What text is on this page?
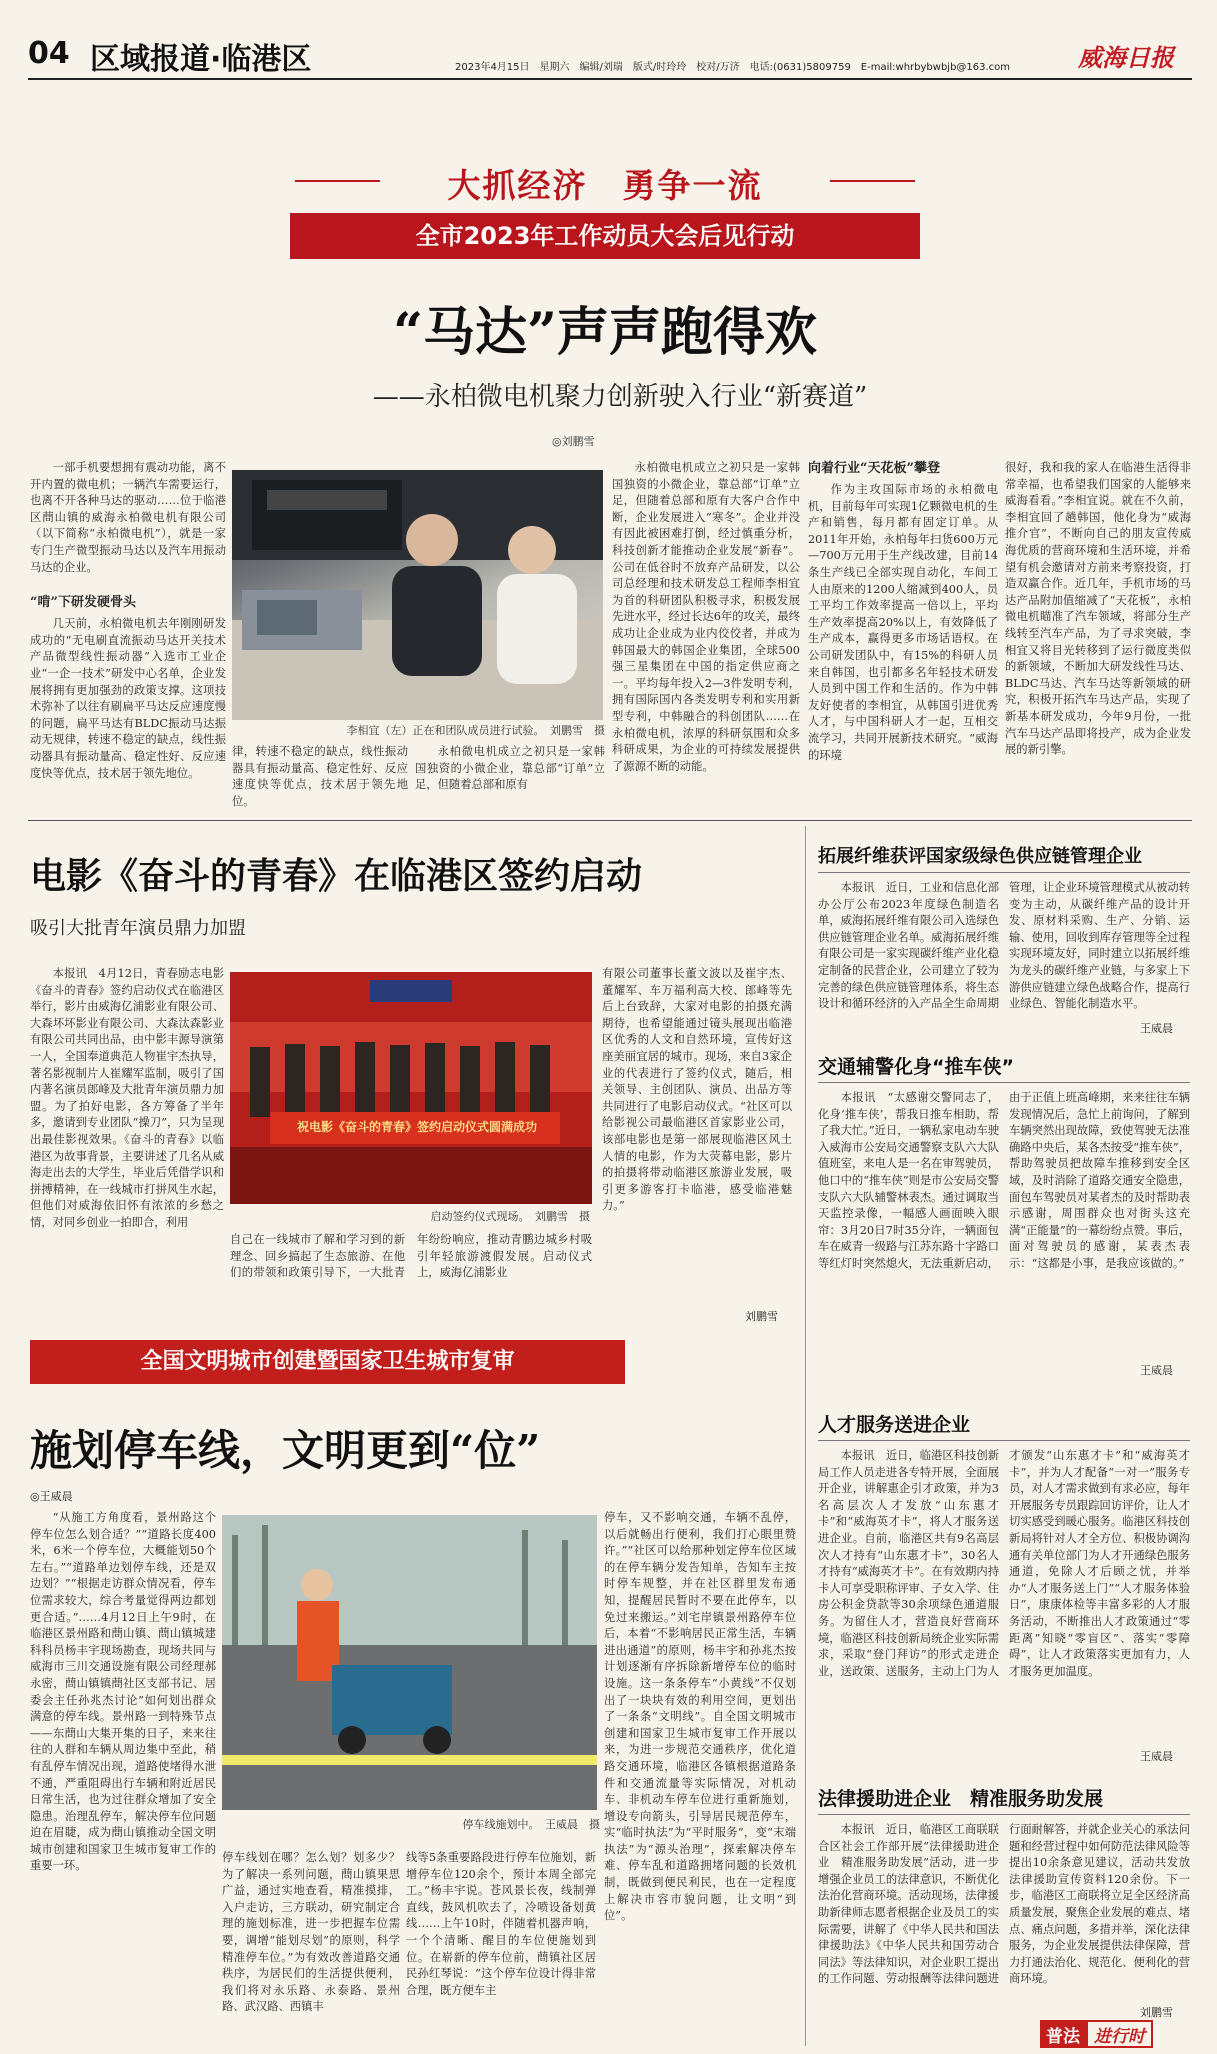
04 区域报道·临港区	2023年4月15日　星期六　编辑/刘瑞　版式/时玲玲　校对/万济　电话:(0631)5809759　E-mail:whrbybwbjb@163.com	威海日报
大抓经济　勇争一流
全市2023年工作动员大会后见行动
“马达”声声跑得欢
——永柏微电机聚力创新驶入行业“新赛道”
◎刘鹏雪

一部手机要想拥有震动功能，离不开内置的微电机；一辆汽车需要运行，也离不开各种马达的驱动……位于临港区蔄山镇的威海永柏微电机有限公司（以下简称“永柏微电机”），就是一家专门生产微型振动马达以及汽车用振动马达的企业。

“啃”下研发硬骨头

几天前，永柏微电机去年刚刚研发成功的“无电刷直流振动马达开关技术产品微型线性振动器”入选市工业企业“一企一技术”研发中心名单，企业发展将拥有更加强劲的政策支撑。这项技术弥补了以往有刷扁平马达反应速度慢的问题，扁平马达有BLDC振动马达振动无规律，转速不稳定的缺点，线性振动器具有振动量高、稳定性好、反应速度快等优点，技术居于领先地位。

李相宜（左）正在和团队成员进行试验。　刘鹏雪　摄

律，转速不稳定的缺点，线性振动器具有振动量高、稳定性好、反应速度快等优点，技术居于领先地位。

永柏微电机成立之初只是一家韩国独资的小微企业，靠总部“订单”立足，但随着总部和原有

永柏微电机成立之初只是一家韩国独资的小微企业，靠总部“订单”立足，但随着总部和原有大客户合作中断，企业发展进入“寒冬”。企业并没有因此被困难打倒，经过慎重分析，科技创新才能推动企业发展“新春”。公司在低谷时不放弃产品研发，以公司总经理和技术研发总工程师李相宜为首的科研团队积极寻求，积极发展先进水平，经过长达6年的攻关，最终成功让企业成为业内佼佼者，并成为韩国最大的韩国企业集团，全球500强三星集团在中国的指定供应商之一。平均每年投入2—3件发明专利，拥有国际国内各类发明专利和实用新型专利，中韩融合的科创团队……在永柏微电机，浓厚的科研氛围和众多科研成果，为企业的可持续发展提供了源源不断的动能。

向着行业“天花板”攀登

作为主攻国际市场的永柏微电机，目前每年可实现1亿颗微电机的生产和销售，每月都有固定订单。从2011年开始，永柏每年扫货600万元—700万元用于生产线改建，目前14条生产线已全部实现自动化，车间工人由原来的1200人缩减到400人，员工平均工作效率提高一倍以上，平均生产效率提高20%以上，有效降低了生产成本，赢得更多市场话语权。在公司研发团队中，有15%的科研人员来自韩国，也引都多名年轻技术研发人员到中国工作和生活的。作为中韩友好使者的李相宜，从韩国引进优秀人才，与中国科研人才一起，互相交流学习，共同开展新技术研究。“威海的环境

很好，我和我的家人在临港生活得非常幸福，也希望我们国家的人能够来威海看看。”李相宜说。就在不久前，李相宜回了趟韩国，他化身为“威海推介官”，不断向自己的朋友宣传威海优质的营商环境和生活环境，并希望有机会邀请对方前来考察投资，打造双赢合作。近几年，手机市场的马达产品附加值缩减了“天花板”，永柏微电机瞄准了汽车领域，将部分生产线转至汽车产品，为了寻求突破，李相宜又将目光转移到了运行微度类似的新领域，不断加大研发线性马达、BLDC马达、汽车马达等新领域的研究，积极开拓汽车马达产品，实现了新基本研发成功，今年9月份，一批汽车马达产品即将投产，成为企业发展的新引擎。

电影《奋斗的青春》在临港区签约启动
吸引大批青年演员鼎力加盟

本报讯　4月12日，青春励志电影《奋斗的青春》签约启动仪式在临港区举行，影片由威海亿浦影业有限公司、大森坏坏影业有限公司、大森汰森影业有限公司共同出品，由中影丰源导演第一人，全国奉道典范人物崔宇杰执导，著名影视制片人崔耀军监制，吸引了国内著名演员郎峰及大批青年演员鼎力加盟。为了拍好电影，各方筹备了半年多，邀请到专业团队“操刀”，只为呈现出最佳影视效果。《奋斗的青春》以临港区为故事背景，主要讲述了几名从威海走出去的大学生，毕业后凭借学识和拼搏精神，在一线城市打拼风生水起，但他们对威海依旧怀有浓浓的乡愁之情，对同乡创业一拍即合，利用

祝电影《奋斗的青春》签约启动仪式圆满成功
启动签约仪式现场。　刘鹏雪　摄

自己在一线城市了解和学习到的新理念、回乡搞起了生态旅游、在他们的带领和政策引导下，一大批青年纷纷响应，推动青鹏边城乡村吸引年轻旅游渡假发展。启动仪式上，威海亿浦影业

有限公司董事长董文波以及崔宇杰、董耀军、车万福利高大校、郎峰等先后上台致辞，大家对电影的拍摄充满期待，也希望能通过镜头展现出临港区优秀的人文和自然环境，宣传好这座美丽宜居的城市。现场，来自3家企业的代表进行了签约仪式，随后，相关领导、主创团队、演员、出品方等共同进行了电影启动仪式。“社区可以给影视公司最临港区首家影业公司，该部电影也是第一部展现临港区风土人情的电影，作为大荧幕电影，影片的拍摄将带动临港区旅游业发展，吸引更多游客打卡临港，感受临港魅力。”

刘鹏雪
全国文明城市创建暨国家卫生城市复审
施划停车线，文明更到“位”
◎王威晨

“从施工方角度看，景州路这个停车位怎么划合适？”“道路长度400米，6米一个停车位，大概能划50个左右。”“道路单边划停车线，还是双边划？”“根据走访群众情况看，停车位需求较大，综合考量觉得两边都划更合适。”……4月12日上午9时，在临港区景州路和蔄山镇、蔄山镇城建科科员杨丰宇现场勘查，现场共同与威海市三川交通设施有限公司经理郝永密，蔄山镇镇蔄社区支部书记、居委会主任孙兆杰讨论”如何划出群众满意的停车线。景州路一到特殊节点——东蔄山大集开集的日子，来来往往的人群和车辆从周边集中至此，稍有乱停车情况出现，道路使堵得水泄不通，严重阻碍出行车辆和附近居民日常生活，也为过往群众增加了安全隐患。治理乱停车，解决停车位问题迫在眉睫，成为蔄山镇推动全国文明城市创建和国家卫生城市复审工作的重要一环。

停车线施划中。　王威晨　摄

停车线划在哪？怎么划？划多少？为了解决一系列问题，蔄山镇果思广益，通过实地查看，精准摸排，入户走访，三方联动，研究制定合理的施划标准，进一步把握车位需要，调增“能划尽划”的原则，科学精准停车位。”为有效改善道路交通秩序，为居民们的生活提供便利，我们将对永乐路、永泰路、景州路、武汉路、西镇丰

线等5条重要路段进行停车位施划，新增停车位120余个，预计本周全部完工。”杨丰宇说。苍风景长夜，线制弹直线，鼓风机吹去了，冷喷设备划黄线……上午10时，伴随着机器声响，一个个清晰、醒目的车位便施划到位。在崭新的停车位前，蔄镇社区居民孙红琴说：“这个停车位设计得非常合理，既方便车主

停车，又不影响交通，车辆不乱停，以后就畅出行便利，我们打心眼里赞许。”“社区可以给那种划定停车位区域的在停车辆分发告知单，告知车主按时停车规整，并在社区群里发布通知，提醒居民暂时不要在此停车，以免过来搬运。”刘宅岸镇景州路停车位后，本着“不影响居民正常生活，车辆进出通道”的原则，杨丰宇和孙兆杰按计划逐渐有序拆除新增停车位的临时设施。这一条条停车“小黄线”不仅划出了一块块有效的利用空间，更划出了一条条“文明线”。自全国文明城市创建和国家卫生城市复审工作开展以来，为进一步规范交通秩序，优化道路交通环境，临港区各镇根据道路条件和交通流量等实际情况，对机动车、非机动车停车位进行重新施划，增设专向箭头，引导居民规范停车，实“临时执法”为“平时服务”，变“末端执法”为“源头治理”，探索解决停车难、停车乱和道路拥堵问题的长效机制，既做到便民利民，也在一定程度上解决市容市貌问题，让文明“到位”。

拓展纤维获评国家级绿色供应链管理企业

本报讯　近日，工业和信息化部办公厅公布2023年度绿色制造名单，威海拓展纤维有限公司入选绿色供应链管理企业名单。威海拓展纤维有限公司是一家实现碳纤维产业化稳定制备的民营企业，公司建立了较为完善的绿色供应链管理体系，将生态设计和循环经济的入产品全生命周期管理，让企业环境管理模式从被动转变为主动，从碳纤维产品的设计开发、原材料采购、生产、分销、运输、使用，回收到库存管理等全过程实现环境友好，同时建立以拓展纤维为龙头的碳纤维产业链，与多家上下游供应链建立绿色战略合作，提高行业绿色、智能化制造水平。

王威晨
交通辅警化身“推车侠”

本报讯　“太感谢交警同志了，化身‘推车侠’，帮我日推车相助，帮了我大忙。”近日，一辆私家电动车驶入威海市公安局交通警察支队六大队值班室，来电人是一名在审驾驶员，他口中的“推车侠”则是市公安局交警支队六大队辅警林表杰。通过调取当天监控录像，一幅感人画面映入眼帘：3月20日7时35分许，一辆面包车在威青一级路与江苏东路十字路口等红灯时突然熄火，无法重新启动，由于正值上班高峰期，来来往往车辆发现情况后，急忙上前询问，了解到车辆突然出现故障，致使驾驶无法准确路中央后，某各杰按受“推车侠”，帮助驾驶员把故障车推移到安全区域，及时消除了道路交通安全隐患，面包车驾驶员对某者杰的及时帮助表示感谢，周围群众也对街头这充满“正能量”的一幕纷纷点赞。事后，面对驾驶员的感谢，某表杰表示：“这都是小事，是我应该做的。”

王威晨
人才服务送进企业

本报讯　近日，临港区科技创新局工作人员走进各专特开展，全面展开企业，讲解惠企引才政策，并为3名高层次人才发放“山东惠才卡”和“威海英才卡”，将人才服务送进企业。自前，临港区共有9名高层次人才持有“山东惠才卡”，30名人才持有“威海英才卡”。在有效期内持卡人可享受职称评审、子女入学、住房公积金贷款等30余项绿色通道服务。为留住人才，营造良好营商环境，临港区科技创新局统企业实际需求，采取“登门拜访”的形式走进企业，送政策、送服务，主动上门为人才颁发“山东惠才卡”和“威海英才卡”，并为人才配备“一对一”服务专员，对人才需求做到有求必应，每年开展服务专员跟踪回访评价，让人才切实感受到暖心服务。临港区科技创新局将针对人才全方位、积极协调沟通有关单位部门为人才开通绿色服务通道，免除人才后顾之忧，并举办“人才服务送上门”“人才服务体验日”，康康体检等丰富多彩的人才服务活动，不断推出人才政策通过“零距离”知晓“零盲区”、落实“零障碍”，让人才政策落实更加有力，人才服务更加温度。

王威晨
法律援助进企业　精准服务助发展

本报讯　近日，临港区工商联联合区社会工作部开展“法律援助进企业　精准服务助发展”活动，进一步增强企业员工的法律意识，不断优化法治化营商环境。活动现场，法律援助新律师志愿者根据企业及员工的实际需要，讲解了《中华人民共和国法律援助法》《中华人民共和国劳动合同法》等法律知识，对企业职工提出的工作问题、劳动报酬等法律问题进行面耐解答，并就企业关心的承法问题和经营过程中如何防范法律风险等提出10余条意见建议，活动共发放法律援助宣传资料120余份。下一步，临港区工商联将立足全区经济高质量发展，聚焦企业发展的难点、堵点、痛点问题，多措并举，深化法律服务，为企业发展提供法律保障，营力打通法治化、规范化、便利化的营商环境。

刘鹏雪
普法 进行时
